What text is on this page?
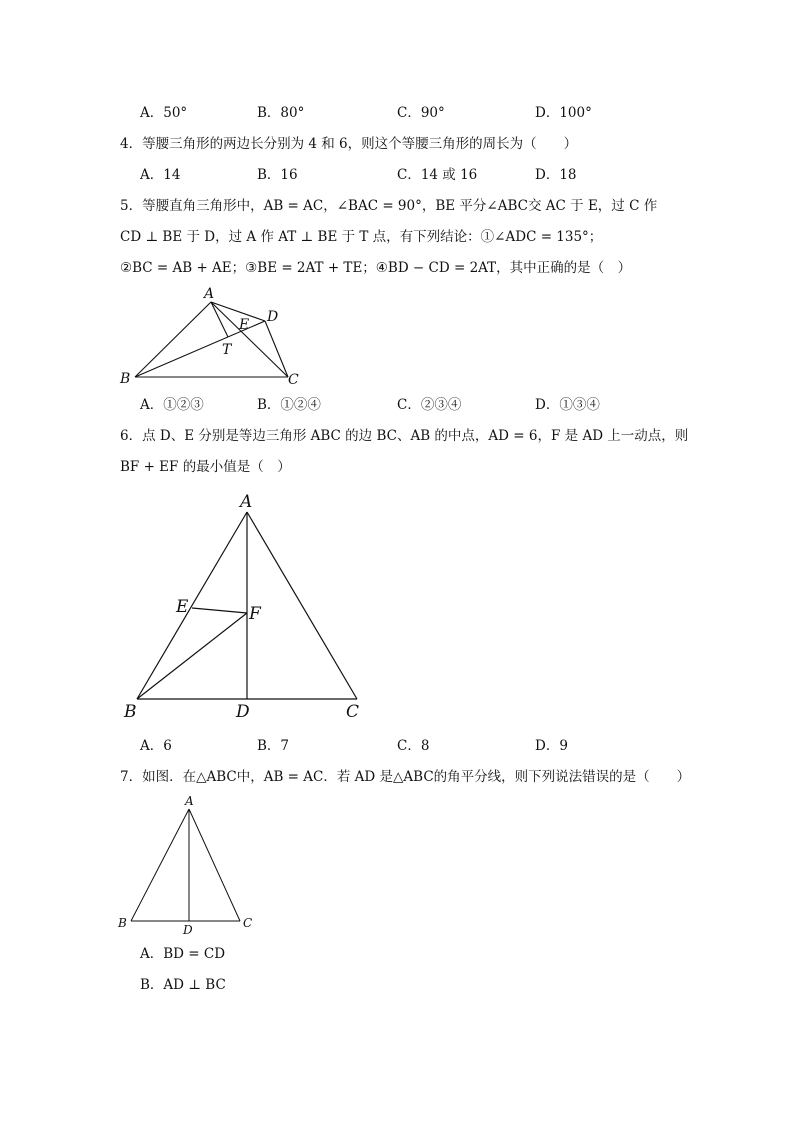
A．50°	B．80°	C．90°	D．100°
4．等腰三角形的两边长分别为 4 和 6，则这个等腰三角形的周长为（　　）
A．14	B．16	C．14 或 16	D．18
5．等腰直角三角形中，AB = AC，∠BAC = 90°，BE 平分∠ABC交 AC 于 E，过 C 作
CD ⊥ BE 于 D，过 A 作 AT ⊥ BE 于 T 点，有下列结论：①∠ADC = 135°；
②BC = AB + AE；③BE = 2AT + TE；④BD − CD = 2AT，其中正确的是（　）
A
B	C
D
E
T
A．①②③	B．①②④	C．②③④	D．①③④
6．点 D、E 分别是等边三角形 ABC 的边 BC、AB 的中点，AD = 6，F 是 AD 上一动点，则
BF + EF 的最小值是（　）
A
B	C
D
E	F
A．6	B．7	C．8	D．9
7．如图．在△ABC中，AB = AC．若 AD 是△ABC的角平分线，则下列说法错误的是（　　）
A
B	C
D
A．BD = CD
B．AD ⊥ BC
